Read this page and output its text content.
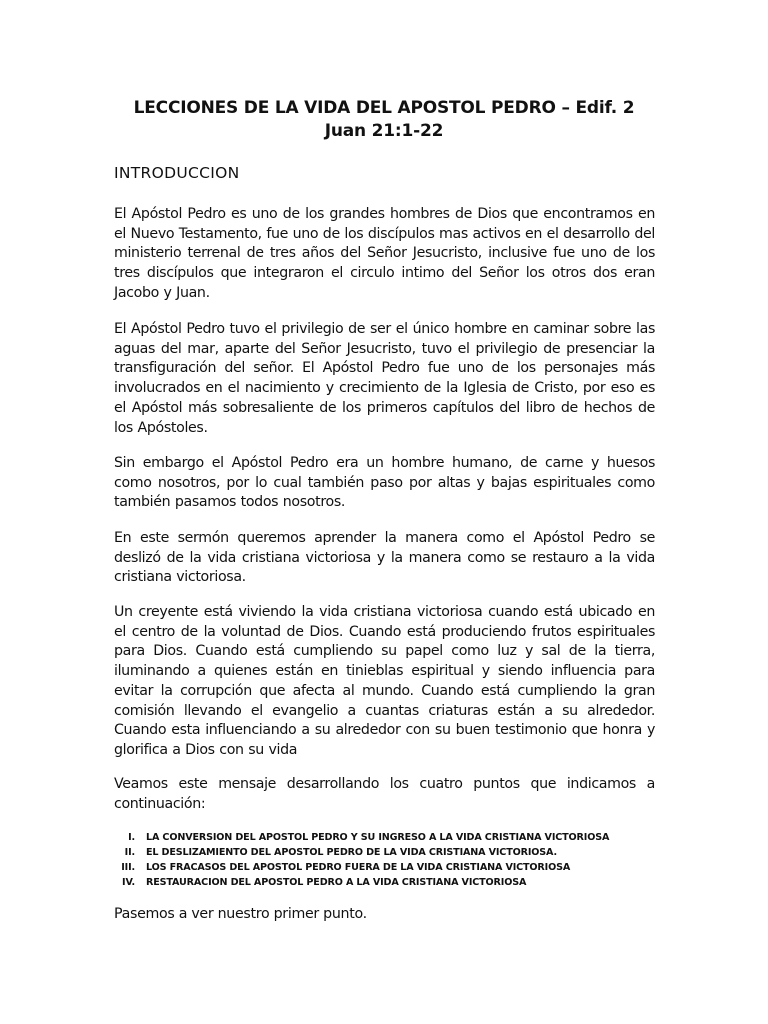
LECCIONES DE LA VIDA DEL APOSTOL PEDRO – Edif. 2
Juan 21:1-22
INTRODUCCION
El Apóstol Pedro es uno de los grandes hombres de Dios que encontramos en el Nuevo Testamento, fue uno de los discípulos mas activos en el desarrollo del ministerio terrenal de tres años del Señor Jesucristo, inclusive fue uno de los tres discípulos que integraron el circulo intimo del Señor los otros dos eran Jacobo y Juan.
El Apóstol Pedro tuvo el privilegio de ser el único hombre en caminar sobre las aguas del mar, aparte del Señor Jesucristo, tuvo el privilegio de presenciar la transfiguración del señor. El Apóstol Pedro fue uno de los personajes más involucrados en el nacimiento y crecimiento de la Iglesia de Cristo, por eso es el Apóstol más sobresaliente de los primeros capítulos del libro de hechos de los Apóstoles.
Sin embargo el Apóstol Pedro era un hombre humano, de carne y huesos como nosotros, por lo cual también paso por altas y bajas espirituales como también pasamos todos nosotros.
En este sermón queremos aprender la manera como el Apóstol Pedro se deslizó de la vida cristiana victoriosa y la manera como se restauro a la vida cristiana victoriosa.
Un creyente está viviendo la vida cristiana victoriosa cuando está ubicado en el centro de la voluntad de Dios. Cuando está produciendo frutos espirituales para Dios. Cuando está cumpliendo su papel como luz y sal de la tierra, iluminando a quienes están en tinieblas espiritual y siendo influencia para evitar la corrupción que afecta al mundo. Cuando está cumpliendo la gran comisión llevando el evangelio a cuantas criaturas están a su alrededor. Cuando esta influenciando a su alrededor con su buen testimonio que honra y glorifica a Dios con su vida
Veamos este mensaje desarrollando los cuatro puntos que indicamos a continuación:
I. LA CONVERSION DEL APOSTOL PEDRO Y SU INGRESO A LA VIDA CRISTIANA VICTORIOSA
II. EL DESLIZAMIENTO DEL APOSTOL PEDRO DE LA VIDA CRISTIANA VICTORIOSA.
III. LOS FRACASOS DEL APOSTOL PEDRO FUERA DE LA VIDA CRISTIANA VICTORIOSA
IV. RESTAURACION DEL APOSTOL PEDRO A LA VIDA CRISTIANA VICTORIOSA
Pasemos a ver nuestro primer punto.
